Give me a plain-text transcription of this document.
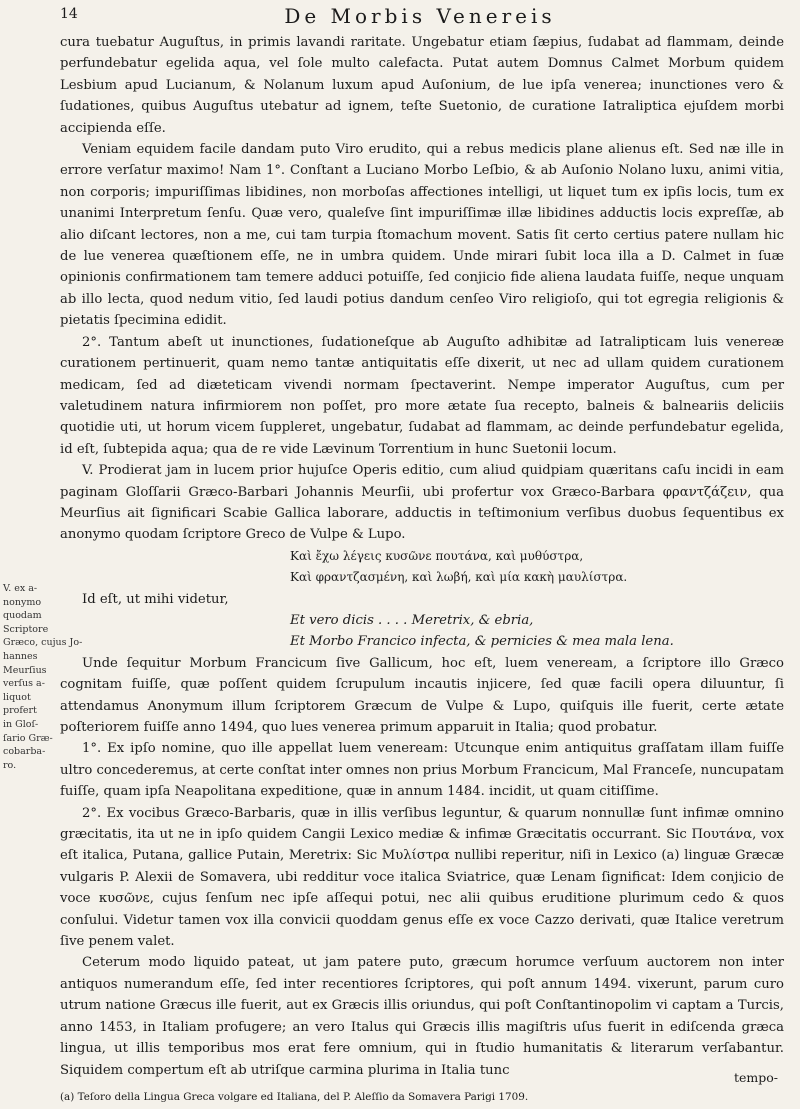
14	De Morbis Venereis
V. ex a-
nonymo
quodam
Scriptore
Græco, cujus Jo-
hannes
Meurſius
verſus a-
liquot
profert
in Gloſ-
ſario Græ-
cobarba-
ro.

cura tuebatur Auguſtus, in primis lavandi raritate. Ungebatur etiam ſæpius, ſudabat ad flammam, deinde perfundebatur egelida aqua, vel ſole multo calefacta. Putat autem Domnus Calmet Morbum quidem Lesbium apud Lucianum, & Nolanum luxum apud Auſonium, de lue ipſa venerea; inunctiones vero & ſudationes, quibus Auguſtus utebatur ad ignem, teſte Suetonio, de curatione Iatraliptica ejuſdem morbi accipienda eſſe.

Veniam equidem facile dandam puto Viro erudito, qui a rebus medicis plane alienus eſt. Sed næ ille in errore verſatur maximo! Nam 1°. Conſtant a Luciano Morbo Leſbio, & ab Auſonio Nolano luxu, animi vitia, non corporis; impuriſſimas libidines, non morboſas affectiones intelligi, ut liquet tum ex ipſis locis, tum ex unanimi Interpretum ſenſu. Quæ vero, qualeſve ſint impuriſſimæ illæ libidines adductis locis expreſſæ, ab alio diſcant lectores, non a me, cui tam turpia ſtomachum movent. Satis ſit certo certius patere nullam hic de lue venerea quæſtionem eſſe, ne in umbra quidem. Unde mirari ſubit loca illa a D. Calmet in ſuæ opinionis confirmationem tam temere adduci potuiſſe, ſed conjicio fide aliena laudata fuiſſe, neque unquam ab illo lecta, quod nedum vitio, ſed laudi potius dandum cenſeo Viro religioſo, qui tot egregia religionis & pietatis ſpecimina edidit.

2°. Tantum abeſt ut inunctiones, ſudationeſque ab Auguſto adhibitæ ad Iatralipticam luis venereæ curationem pertinuerit, quam nemo tantæ antiquitatis eſſe dixerit, ut nec ad ullam quidem curationem medicam, ſed ad diæteticam vivendi normam ſpectaverint. Nempe imperator Auguſtus, cum per valetudinem natura infirmiorem non poſſet, pro more ætate ſua recepto, balneis & balneariis deliciis quotidie uti, ut horum vicem ſuppleret, ungebatur, ſudabat ad flammam, ac deinde perfundebatur egelida, id eſt, ſubtepida aqua; qua de re vide Lævinum Torrentium in hunc Suetonii locum.

V. Prodierat jam in lucem prior hujuſce Operis editio, cum aliud quidpiam quæritans caſu incidi in eam paginam Gloſſarii Græco-Barbari Johannis Meurſii, ubi profertur vox Græco-Barbara φραντζάζειν, qua Meurſius ait ſignificari Scabie Gallica laborare, adductis in teſtimonium verſibus duobus ſequentibus ex anonymo quodam ſcriptore Greco de Vulpe & Lupo.

Καὶ ἔχω λέγεις κυσῶνε πουτάνα, καὶ μυθύστρα,

Καὶ φραντζασμένη, καὶ λωβή, καὶ μία κακὴ μαυλίστρα.

Id eſt, ut mihi videtur,

Et vero dicis . . . . Meretrix, & ebria,

Et Morbo Francico infecta, & pernicies & mea mala lena.

Unde ſequitur Morbum Francicum ſive Gallicum, hoc eſt, luem veneream, a ſcriptore illo Græco cognitam fuiſſe, quæ poſſent quidem ſcrupulum incautis injicere, ſed quæ facili opera diluuntur, ſi attendamus Anonymum illum ſcriptorem Græcum de Vulpe & Lupo, quiſquis ille fuerit, certe ætate poſteriorem fuiſſe anno 1494, quo lues venerea primum apparuit in Italia; quod probatur.

1°. Ex ipſo nomine, quo ille appellat luem veneream: Utcunque enim antiquitus graſſatam illam fuiſſe ultro concederemus, at certe conſtat inter omnes non prius Morbum Francicum, Mal Franceſe, nuncupatam fuiſſe, quam ipſa Neapolitana expeditione, quæ in annum 1484. incidit, ut quam citiſſime.

2°. Ex vocibus Græco-Barbaris, quæ in illis verſibus leguntur, & quarum nonnullæ ſunt infimæ omnino græcitatis, ita ut ne in ipſo quidem Cangii Lexico mediæ & infimæ Græcitatis occurrant. Sic Πουτάνα, vox eſt italica, Putana, gallice Putain, Meretrix: Sic Μυλίστρα nullibi reperitur, niſi in Lexico (a) linguæ Græcæ vulgaris P. Alexii de Somavera, ubi redditur voce italica Sviatrice, quæ Lenam ſignificat: Idem conjicio de voce κυσῶνε, cujus ſenſum nec ipſe aſſequi potui, nec alii quibus eruditione plurimum cedo & quos conſului. Videtur tamen vox illa convicii quoddam genus eſſe ex voce Cazzo derivati, quæ Italice veretrum ſive penem valet.

Ceterum modo liquido pateat, ut jam patere puto, græcum horumce verſuum auctorem non inter antiquos numerandum eſſe, ſed inter recentiores ſcriptores, qui poſt annum 1494. vixerunt, parum curo utrum natione Græcus ille fuerit, aut ex Græcis illis oriundus, qui poſt Conſtantinopolim vi captam a Turcis, anno 1453, in Italiam profugere; an vero Italus qui Græcis illis magiſtris uſus fuerit in ediſcenda græca lingua, ut illis temporibus mos erat fere omnium, qui in ſtudio humanitatis & literarum verſabantur. Siquidem compertum eſt ab utriſque carmina plurima in Italia tunc	tempo-
(a) Teſoro della Lingua Greca volgare ed Italiana, del P. Aleſſio da Somavera Parigi 1709.
